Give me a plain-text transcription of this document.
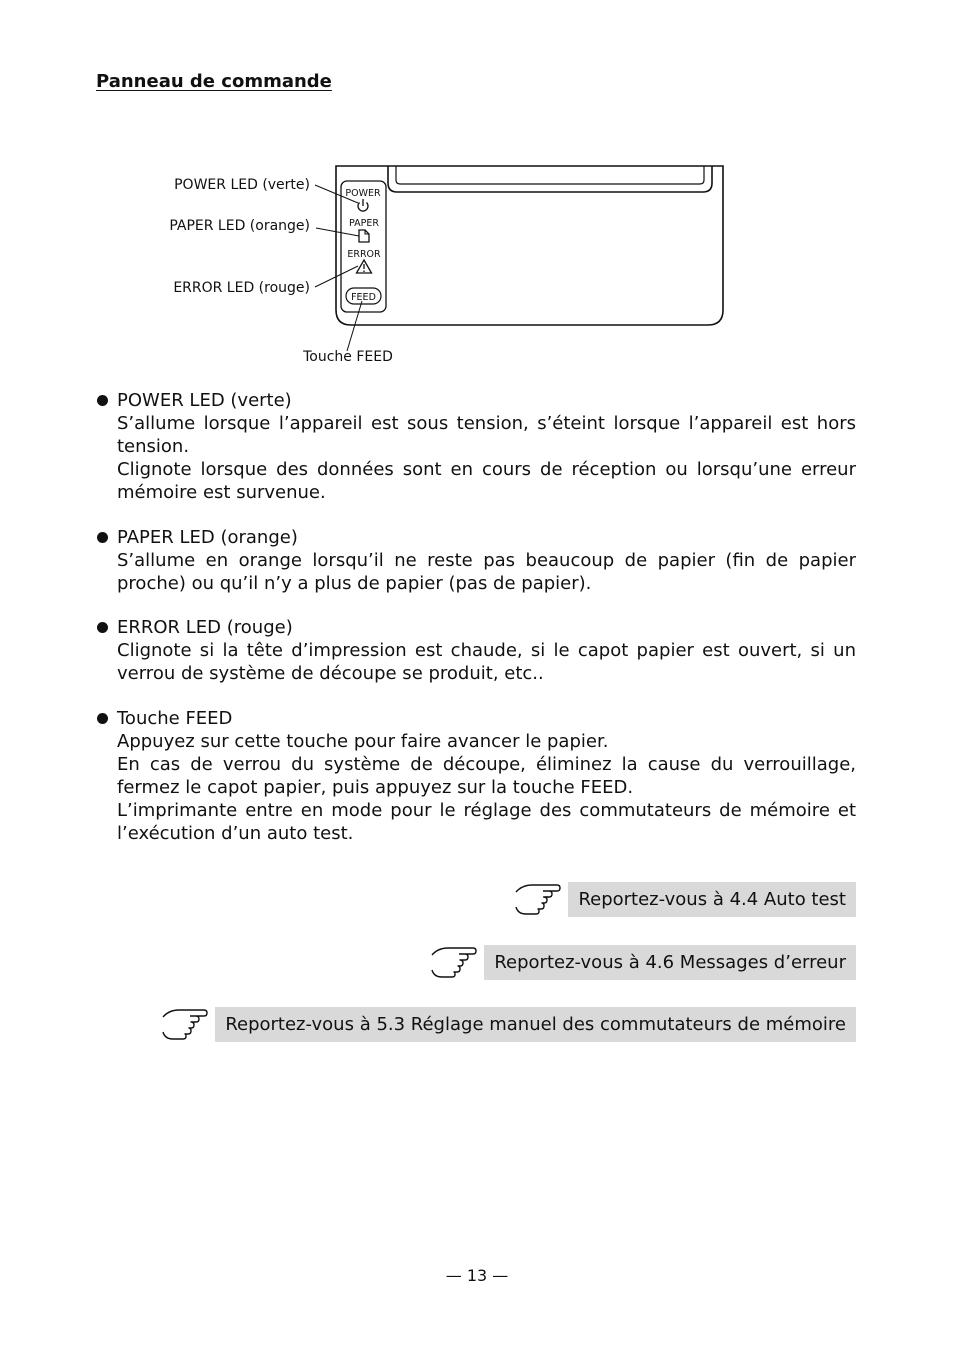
Panneau de commande
POWER
PAPER
ERROR
FEED
POWER LED (verte)
PAPER LED (orange)
ERROR LED (rouge)
Touche FEED
POWER LED (verte)

S’allume lorsque l’appareil est sous tension, s’éteint lorsque l’appareil est hors tension.

Clignote lorsque des données sont en cours de réception ou lorsqu’une erreur mémoire est survenue.

PAPER LED (orange)

S’allume en orange lorsqu’il ne reste pas beaucoup de papier (fin de papier proche) ou qu’il n’y a plus de papier (pas de papier).

ERROR LED (rouge)

Clignote si la tête d’impression est chaude, si le capot papier est ouvert, si un verrou de système de découpe se produit, etc..

Touche FEED

Appuyez sur cette touche pour faire avancer le papier.

En cas de verrou du système de découpe, éliminez la cause du verrouillage, fermez le capot papier, puis appuyez sur la touche FEED.

L’imprimante entre en mode pour le réglage des commutateurs de mémoire et l’exécution d’un auto test.

Reportez-vous à 4.4 Auto test
Reportez-vous à 4.6 Messages d’erreur
Reportez-vous à 5.3 Réglage manuel des commutateurs de mémoire
— 13 —
